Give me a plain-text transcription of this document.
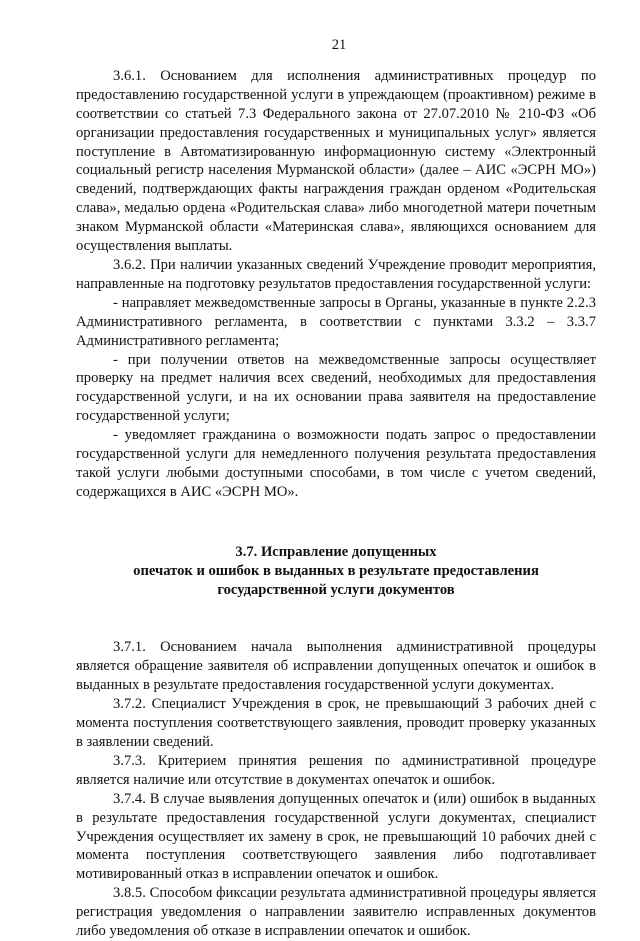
21

3.6.1. Основанием для исполнения административных процедур по предоставлению государственной услуги в упреждающем (проактивном) режиме в соответствии со статьей 7.3 Федерального закона от 27.07.2010 № 210-ФЗ «Об организации предоставления государственных и муниципальных услуг» является поступление в Автоматизированную информационную систему «Электронный социальный регистр населения Мурманской области» (далее – АИС «ЭСРН МО») сведений, подтверждающих факты награждения граждан орденом «Родительская слава», медалью ордена «Родительская слава» либо многодетной матери почетным знаком Мурманской области «Материнская слава», являющихся основанием для осуществления выплаты.

3.6.2. При наличии указанных сведений Учреждение проводит мероприятия, направленные на подготовку результатов предоставления государственной услуги:

- направляет межведомственные запросы в Органы, указанные в пункте 2.2.3 Административного регламента, в соответствии с пунктами 3.3.2 – 3.3.7 Административного регламента;

- при получении ответов на межведомственные запросы осуществляет проверку на предмет наличия всех сведений, необходимых для предоставления государственной услуги, и на их основании права заявителя на предоставление государственной услуги;

- уведомляет гражданина о возможности подать запрос о предоставлении государственной услуги для немедленного получения результата предоставления такой услуги любыми доступными способами, в том числе с учетом сведений, содержащихся в АИС «ЭСРН МО».

3.7. Исправление допущенных
опечаток и ошибок в выданных в результате предоставления
государственной услуги документов

3.7.1. Основанием начала выполнения административной процедуры является обращение заявителя об исправлении допущенных опечаток и ошибок в выданных в результате предоставления государственной услуги документах.

3.7.2. Специалист Учреждения в срок, не превышающий 3 рабочих дней с момента поступления соответствующего заявления, проводит проверку указанных в заявлении сведений.

3.7.3. Критерием принятия решения по административной процедуре является наличие или отсутствие в документах опечаток и ошибок.

3.7.4. В случае выявления допущенных опечаток и (или) ошибок в выданных в результате предоставления государственной услуги документах, специалист Учреждения осуществляет их замену в срок, не превышающий 10 рабочих дней с момента поступления соответствующего заявления либо подготавливает мотивированный отказ в исправлении опечаток и ошибок.

3.8.5. Способом фиксации результата административной процедуры является регистрация уведомления о направлении заявителю исправленных документов либо уведомления об отказе в исправлении опечаток и ошибок.
